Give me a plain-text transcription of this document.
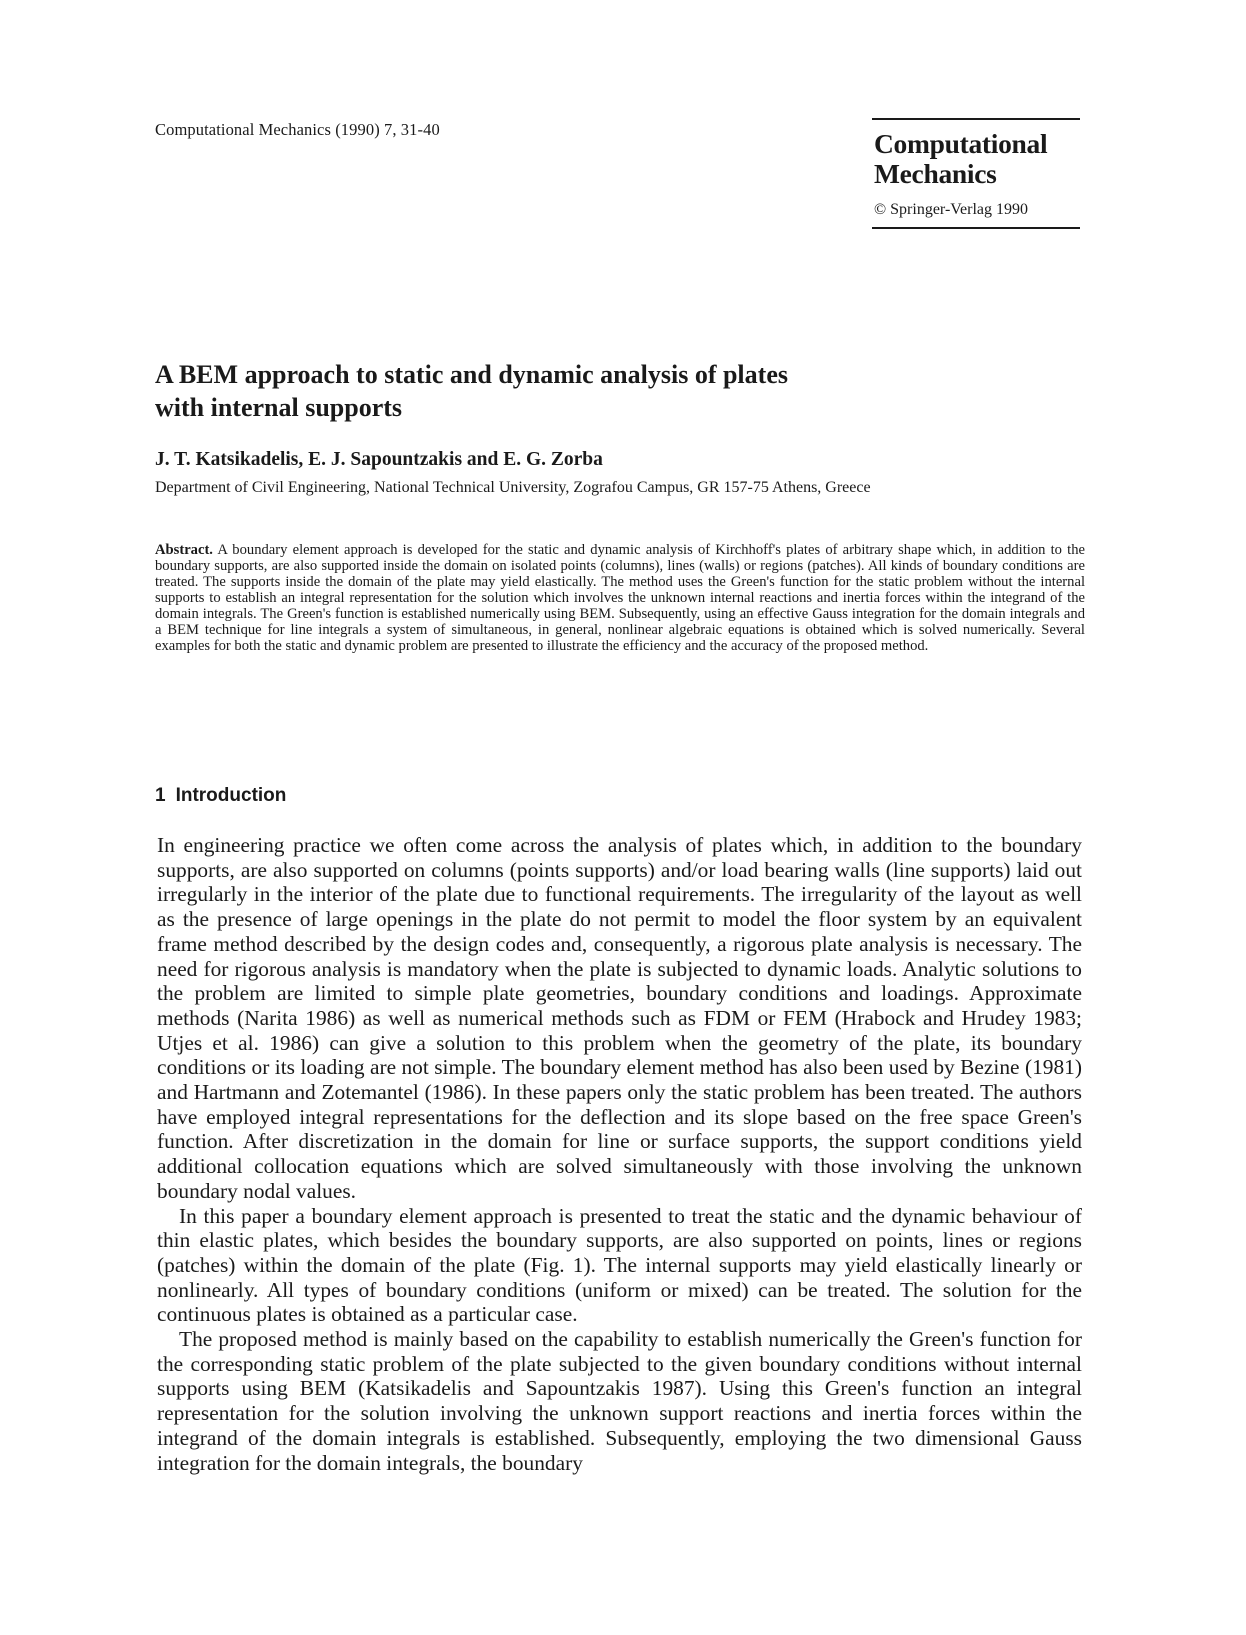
Computational Mechanics (1990) 7, 31-40	Computational
Mechanics
© Springer-Verlag 1990
A BEM approach to static and dynamic analysis of plates
with internal supports
J. T. Katsikadelis, E. J. Sapountzakis and E. G. Zorba
Department of Civil Engineering, National Technical University, Zografou Campus, GR 157-75 Athens, Greece

Abstract. A boundary element approach is developed for the static and dynamic analysis of Kirchhoff's plates of arbitrary shape which, in addition to the boundary supports, are also supported inside the domain on isolated points (columns), lines (walls) or regions (patches). All kinds of boundary conditions are treated. The supports inside the domain of the plate may yield elastically. The method uses the Green's function for the static problem without the internal supports to establish an integral representation for the solution which involves the unknown internal reactions and inertia forces within the integrand of the domain integrals. The Green's function is established numerically using BEM. Subsequently, using an effective Gauss integration for the domain integrals and a BEM technique for line integrals a system of simultaneous, in general, nonlinear algebraic equations is obtained which is solved numerically. Several examples for both the static and dynamic problem are presented to illustrate the efficiency and the accuracy of the proposed method.

1 Introduction

In engineering practice we often come across the analysis of plates which, in addition to the boundary supports, are also supported on columns (points supports) and/or load bearing walls (line supports) laid out irregularly in the interior of the plate due to functional requirements. The irregularity of the layout as well as the presence of large openings in the plate do not permit to model the floor system by an equivalent frame method described by the design codes and, consequently, a rigorous plate analysis is necessary. The need for rigorous analysis is mandatory when the plate is subjected to dynamic loads. Analytic solutions to the problem are limited to simple plate geometries, boundary conditions and loadings. Approximate methods (Narita 1986) as well as numerical methods such as FDM or FEM (Hrabock and Hrudey 1983; Utjes et al. 1986) can give a solution to this problem when the geometry of the plate, its boundary conditions or its loading are not simple. The boundary element method has also been used by Bezine (1981) and Hartmann and Zotemantel (1986). In these papers only the static problem has been treated. The authors have employed integral representations for the deflection and its slope based on the free space Green's function. After discretization in the domain for line or surface supports, the support conditions yield additional collocation equations which are solved simultaneously with those involving the unknown boundary nodal values.

In this paper a boundary element approach is presented to treat the static and the dynamic behaviour of thin elastic plates, which besides the boundary supports, are also supported on points, lines or regions (patches) within the domain of the plate (Fig. 1). The internal supports may yield elastically linearly or nonlinearly. All types of boundary conditions (uniform or mixed) can be treated. The solution for the continuous plates is obtained as a particular case.

The proposed method is mainly based on the capability to establish numerically the Green's function for the corresponding static problem of the plate subjected to the given boundary conditions without internal supports using BEM (Katsikadelis and Sapountzakis 1987). Using this Green's function an integral representation for the solution involving the unknown support reactions and inertia forces within the integrand of the domain integrals is established. Subsequently, employing the two dimensional Gauss integration for the domain integrals, the boundary
